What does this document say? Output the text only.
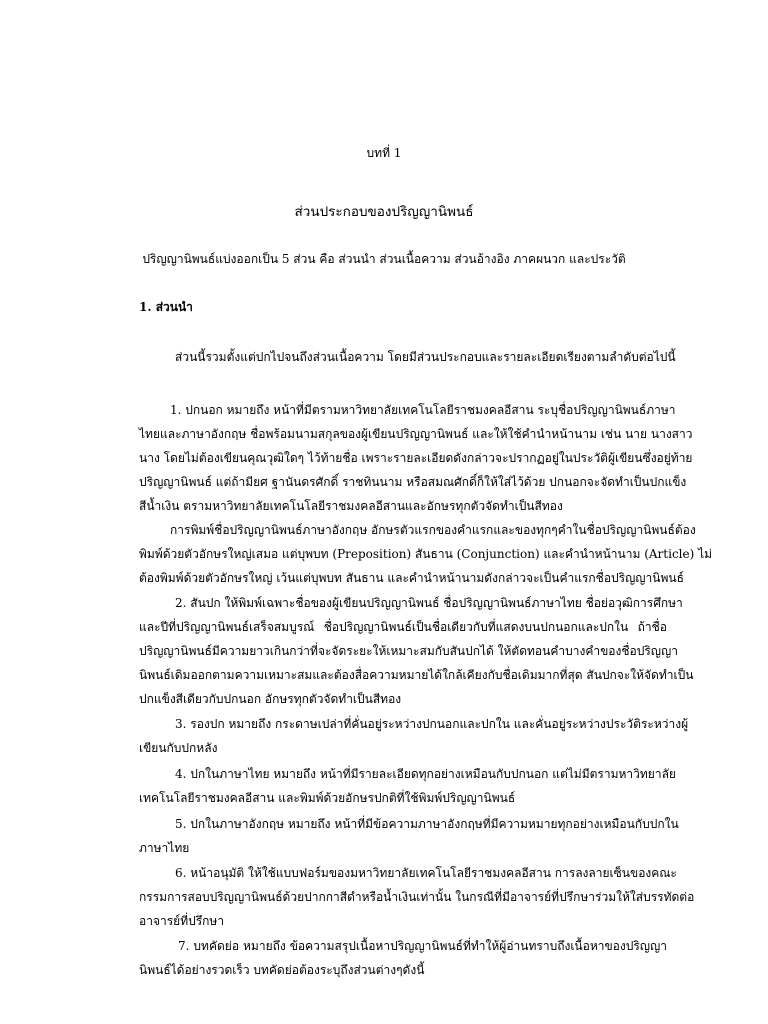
บทที่ 1
ส่วนประกอบของปริญญานิพนธ์
ปริญญานิพนธ์แบ่งออกเป็น 5 ส่วน คือ ส่วนนำ ส่วนเนื้อความ ส่วนอ้างอิง ภาคผนวก และประวัติ
1. ส่วนนำ
ส่วนนี้รวมตั้งแต่ปกไปจนถึงส่วนเนื้อความ โดยมีส่วนประกอบและรายละเอียดเรียงตามลำดับต่อไปนี้
1. ปกนอก หมายถึง หน้าที่มีตรามหาวิทยาลัยเทคโนโลยีราชมงคลอีสาน ระบุชื่อปริญญานิพนธ์ภาษา
ไทยและภาษาอังกฤษ ชื่อพร้อมนามสกุลของผู้เขียนปริญญานิพนธ์ และให้ใช้คำนำหน้านาม เช่น นาย นางสาว
นาง โดยไม่ต้องเขียนคุณวุฒิใดๆ ไว้ท้ายชื่อ เพราะรายละเอียดดังกล่าวจะปรากฏอยู่ในประวัติผู้เขียนซึ่งอยู่ท้าย
ปริญญานิพนธ์ แต่ถ้ามียศ ฐานันดรศักดิ์ ราชทินนาม หรือสมณศักดิ์ก็ให้ใส่ไว้ด้วย ปกนอกจะจัดทำเป็นปกแข็ง
สีน้ำเงิน ตรามหาวิทยาลัยเทคโนโลยีราชมงคลอีสานและอักษรทุกตัวจัดทำเป็นสีทอง
การพิมพ์ชื่อปริญญานิพนธ์ภาษาอังกฤษ อักษรตัวแรกของคำแรกและของทุกๆคำในชื่อปริญญานิพนธ์ต้อง
พิมพ์ด้วยตัวอักษรใหญ่เสมอ แต่บุพบท (Preposition) สันธาน (Conjunction) และคำนำหน้านาม (Article) ไม่
ต้องพิมพ์ด้วยตัวอักษรใหญ่ เว้นแต่บุพบท สันธาน และคำนำหน้านามดังกล่าวจะเป็นคำแรกชื่อปริญญานิพนธ์
2. สันปก ให้พิมพ์เฉพาะชื่อของผู้เขียนปริญญานิพนธ์ ชื่อปริญญานิพนธ์ภาษาไทย ชื่อย่อวุฒิการศึกษา
และปีที่ปริญญานิพนธ์เสร็จสมบูรณ์ ชื่อปริญญานิพนธ์เป็นชื่อเดียวกับที่แสดงบนปกนอกและปกใน ถ้าชื่อ
ปริญญานิพนธ์มีความยาวเกินกว่าที่จะจัดระยะให้เหมาะสมกับสันปกได้ ให้ตัดทอนคำบางคำของชื่อปริญญา
นิพนธ์เดิมออกตามความเหมาะสมและต้องสื่อความหมายได้ใกล้เคียงกับชื่อเดิมมากที่สุด สันปกจะให้จัดทำเป็น
ปกแข็งสีเดียวกับปกนอก อักษรทุกตัวจัดทำเป็นสีทอง
3. รองปก หมายถึง กระดาษเปล่าที่คั่นอยู่ระหว่างปกนอกและปกใน และคั่นอยู่ระหว่างประวัติระหว่างผู้
เขียนกับปกหลัง
4. ปกในภาษาไทย หมายถึง หน้าที่มีรายละเอียดทุกอย่างเหมือนกับปกนอก แต่ไม่มีตรามหาวิทยาลัย
เทคโนโลยีราชมงคลอีสาน และพิมพ์ด้วยอักษรปกติที่ใช้พิมพ์ปริญญานิพนธ์
5. ปกในภาษาอังกฤษ หมายถึง หน้าที่มีข้อความภาษาอังกฤษที่มีความหมายทุกอย่างเหมือนกับปกใน
ภาษาไทย
6. หน้าอนุมัติ ให้ใช้แบบฟอร์มของมหาวิทยาลัยเทคโนโลยีราชมงคลอีสาน การลงลายเซ็นของคณะ
กรรมการสอบปริญญานิพนธ์ด้วยปากกาสีดำหรือน้ำเงินเท่านั้น ในกรณีที่มีอาจารย์ที่ปรึกษาร่วมให้ใส่บรรทัดต่อ
อาจารย์ที่ปรึกษา
7. บทคัดย่อ หมายถึง ข้อความสรุปเนื้อหาปริญญานิพนธ์ที่ทำให้ผู้อ่านทราบถึงเนื้อหาของปริญญา
นิพนธ์ได้อย่างรวดเร็ว บทคัดย่อต้องระบุถึงส่วนต่างๆดังนี้
